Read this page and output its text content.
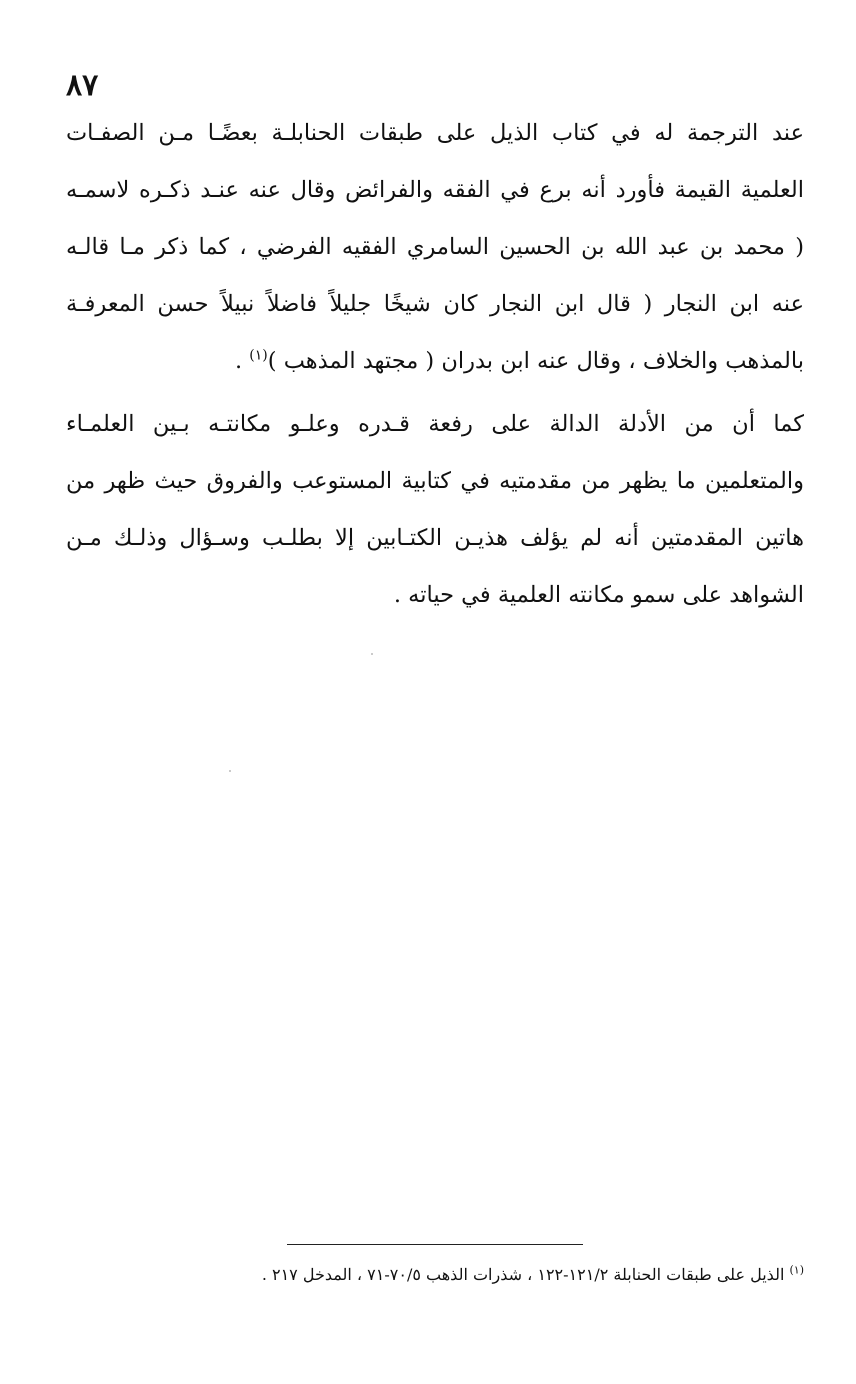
٨٧
عند الترجمة له في كتاب الذيل على طبقات الحنابلـة بعضًـا مـن الصفـات
العلمية القيمة فأورد أنه برع في الفقه والفرائض وقال عنه عنـد ذكـره لاسمـه
( محمد بن عبد الله بن الحسين السامري الفقيه الفرضي ، كما ذكر مـا قالـه
عنه ابن النجار ( قال ابن النجار كان شيخًا جليلاً فاضلاً نبيلاً حسن المعرفـة
بالمذهب والخلاف ، وقال عنه ابن بدران ( مجتهد المذهب )$^{(١)}$ .
كما أن من الأدلة الدالة على رفعة قـدره وعلـو مكانتـه بـين العلمـاء
والمتعلمين ما يظهر من مقدمتيه في كتابية المستوعب والفروق حيث ظهر من
هاتين المقدمتين أنه لم يؤلف هذيـن الكتـابين إلا بطلـب وسـؤال وذلـك مـن
الشواهد على سمو مكانته العلمية في حياته .
$^{(١)}$ الذيل على طبقات الحنابلة ١٢١/٢-١٢٢ ، شذرات الذهب ٧٠/٥-٧١ ، المدخل ٢١٧ .
